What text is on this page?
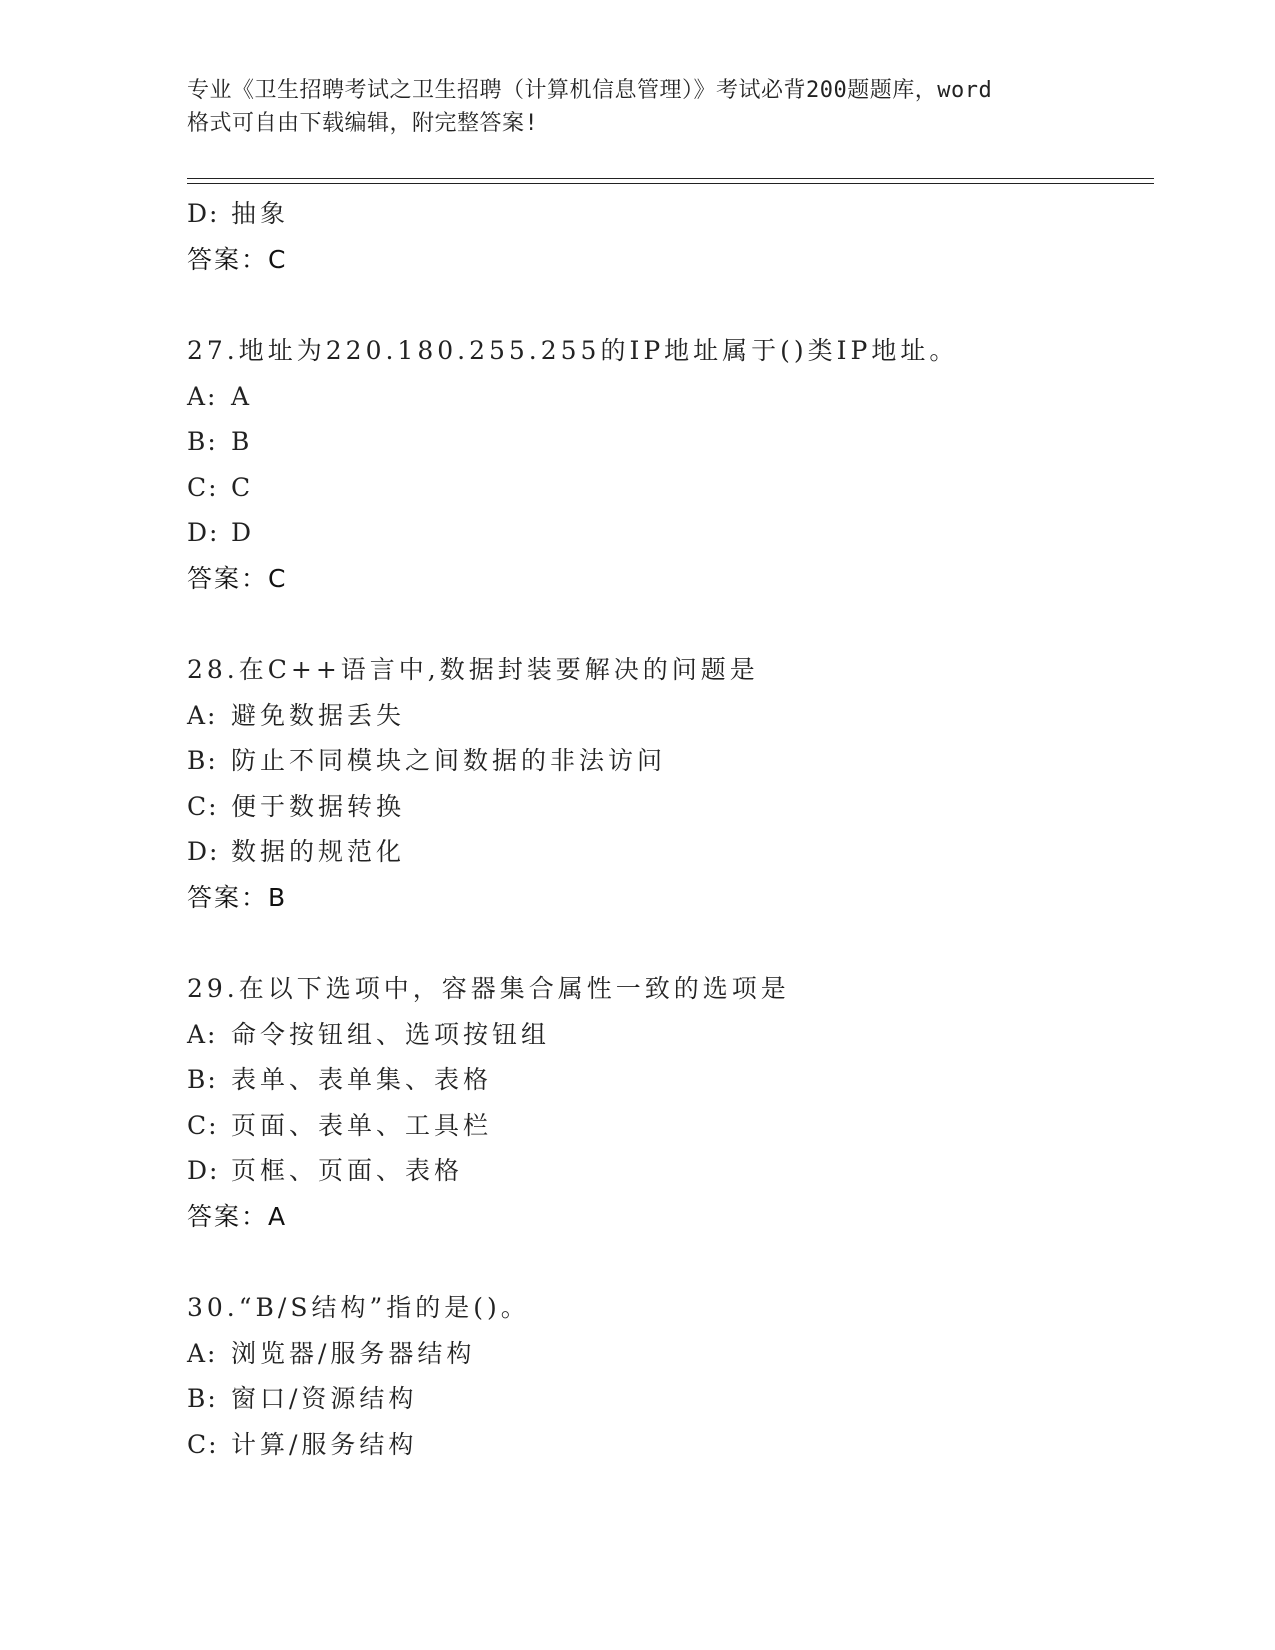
专业《卫生招聘考试之卫生招聘（计算机信息管理）》考试必背200题题库，word
格式可自由下载编辑，附完整答案!
D: 抽象
答案：C
27.地址为220.180.255.255的IP地址属于()类IP地址。
A: A
B: B
C: C
D: D
答案：C
28.在C++语言中,数据封装要解决的问题是
A: 避免数据丢失
B: 防止不同模块之间数据的非法访问
C: 便于数据转换
D: 数据的规范化
答案：B
29.在以下选项中，容器集合属性一致的选项是
A: 命令按钮组、选项按钮组
B: 表单、表单集、表格
C: 页面、表单、工具栏
D: 页框、页面、表格
答案：A
30.“B/S结构”指的是()。
A: 浏览器/服务器结构
B: 窗口/资源结构
C: 计算/服务结构
